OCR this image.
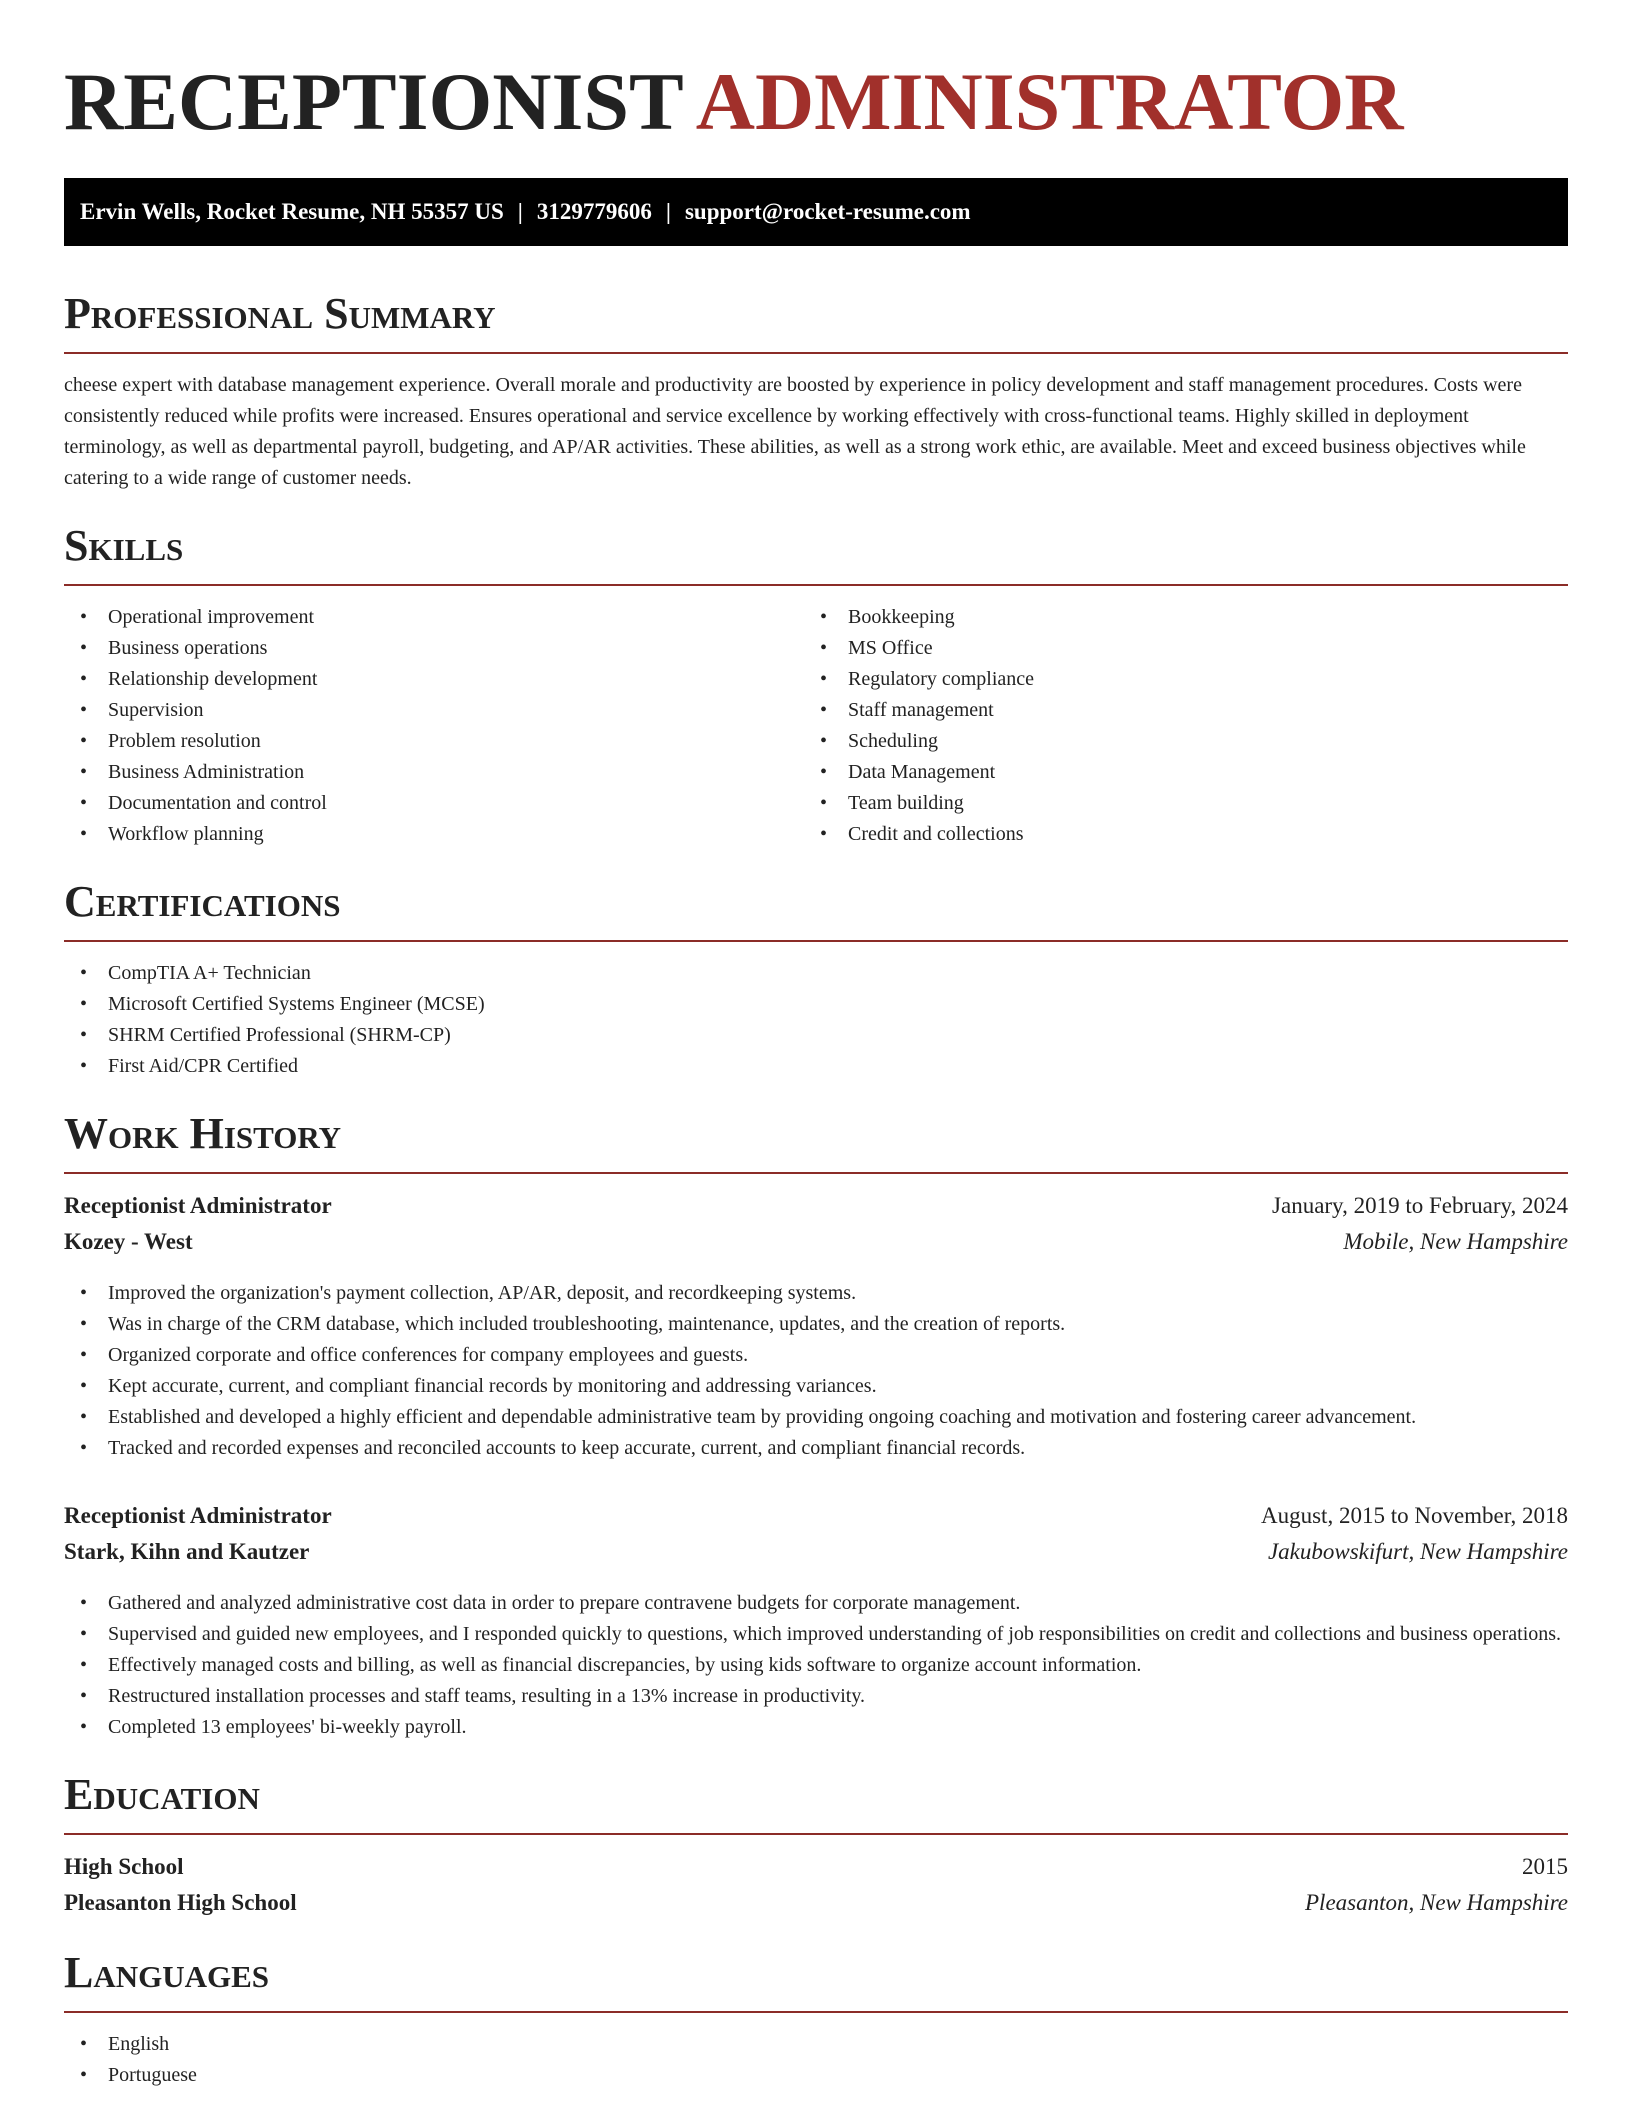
RECEPTIONIST ADMINISTRATOR
Ervin Wells, Rocket Resume, NH 55357 US | 3129779606 | support@rocket-resume.com
Professional Summary

cheese expert with database management experience. Overall morale and productivity are boosted by experience in policy development and staff management procedures. Costs were consistently reduced while profits were increased. Ensures operational and service excellence by working effectively with cross-functional teams. Highly skilled in deployment terminology, as well as departmental payroll, budgeting, and AP/AR activities. These abilities, as well as a strong work ethic, are available. Meet and exceed business objectives while catering to a wide range of customer needs.

Skills
• Operational improvement
• Business operations
• Relationship development
• Supervision
• Problem resolution
• Business Administration
• Documentation and control
• Workflow planning
• Bookkeeping
• MS Office
• Regulatory compliance
• Staff management
• Scheduling
• Data Management
• Team building
• Credit and collections
Certifications
• CompTIA A+ Technician
• Microsoft Certified Systems Engineer (MCSE)
• SHRM Certified Professional (SHRM-CP)
• First Aid/CPR Certified
Work History
Receptionist Administrator	January, 2019 to February, 2024
Kozey - West	Mobile, New Hampshire
• Improved the organization's payment collection, AP/AR, deposit, and recordkeeping systems.
• Was in charge of the CRM database, which included troubleshooting, maintenance, updates, and the creation of reports.
• Organized corporate and office conferences for company employees and guests.
• Kept accurate, current, and compliant financial records by monitoring and addressing variances.
• Established and developed a highly efficient and dependable administrative team by providing ongoing coaching and motivation and fostering career advancement.
• Tracked and recorded expenses and reconciled accounts to keep accurate, current, and compliant financial records.
Receptionist Administrator	August, 2015 to November, 2018
Stark, Kihn and Kautzer	Jakubowskifurt, New Hampshire
• Gathered and analyzed administrative cost data in order to prepare contravene budgets for corporate management.
• Supervised and guided new employees, and I responded quickly to questions, which improved understanding of job responsibilities on credit and collections and business operations.
• Effectively managed costs and billing, as well as financial discrepancies, by using kids software to organize account information.
• Restructured installation processes and staff teams, resulting in a 13% increase in productivity.
• Completed 13 employees' bi-weekly payroll.
Education
High School	2015
Pleasanton High School	Pleasanton, New Hampshire
Languages
• English
• Portuguese
